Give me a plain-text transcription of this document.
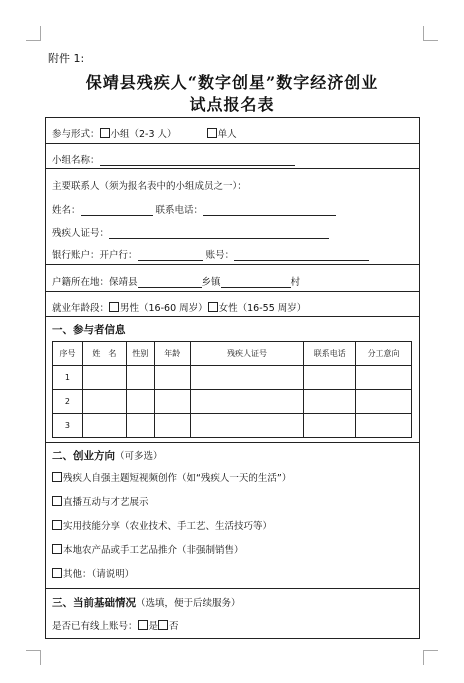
附件 1:
保靖县残疾人“数字创星”数字经济创业
试点报名表
参与形式： 小组（2-3 人）	单人
小组名称：
主要联系人（须为报名表中的小组成员之一）：
姓名：	联系电话：
残疾人证号：
银行账户：开户行：	账号：
户籍所在地：保靖县	乡镇	村
就业年龄段： 男性（16-60 周岁） 女性（16-55 周岁）
一、参与者信息
序号	姓　名	性别	年龄	残疾人证号	联系电话	分工意向
1						
2						
3						
二、创业方向（可多选）
残疾人自强主题短视频创作（如“残疾人一天的生活”）
直播互动与才艺展示
实用技能分享（农业技术、手工艺、生活技巧等）
本地农产品或手工艺品推介（非强制销售）
其他：（请说明）
三、当前基础情况（选填，便于后续服务）
是否已有线上账号： 是 否
